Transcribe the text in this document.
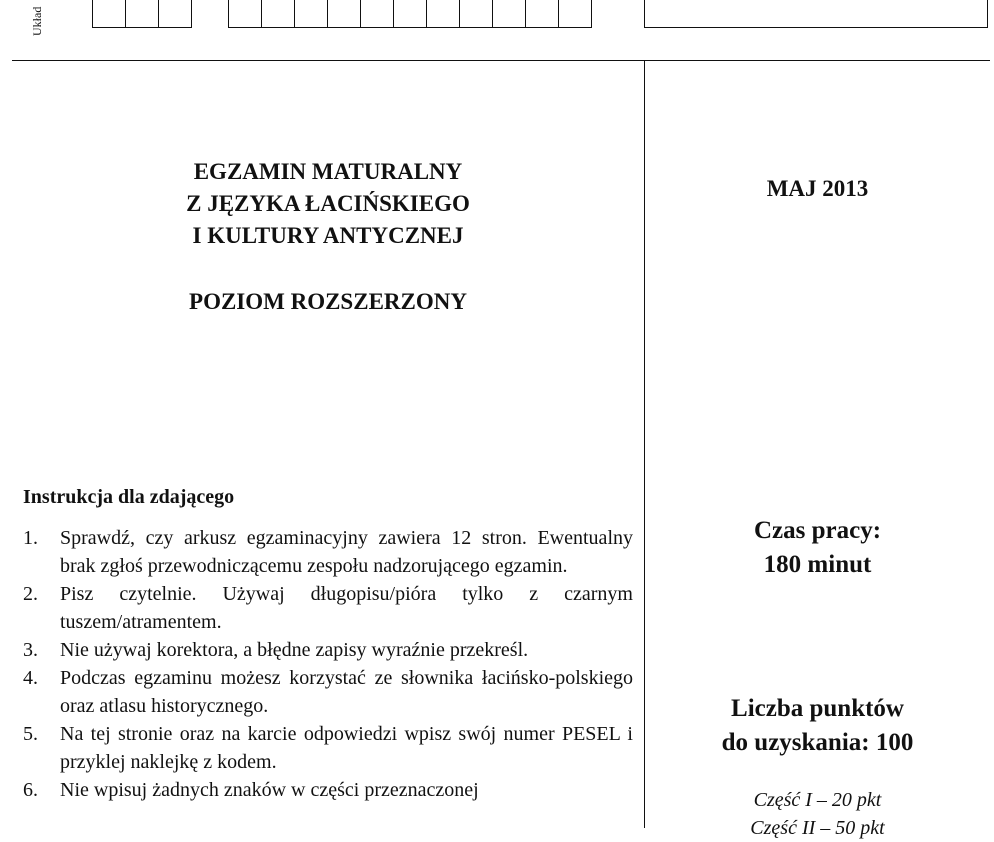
Układ
EGZAMIN MATURALNY
Z JĘZYKA ŁACIŃSKIEGO
I KULTURY ANTYCZNEJ
POZIOM ROZSZERZONY
MAJ 2013
Instrukcja dla zdającego
1. Sprawdź, czy arkusz egzaminacyjny zawiera 12 stron. Ewentualny brak zgłoś przewodniczącemu zespołu nadzorującego egzamin.
2. Pisz czytelnie. Używaj długopisu/pióra tylko z czarnym tuszem/atramentem.
3. Nie używaj korektora, a błędne zapisy wyraźnie przekreśl.
4. Podczas egzaminu możesz korzystać ze słownika łacińsko-polskiego oraz atlasu historycznego.
5. Na tej stronie oraz na karcie odpowiedzi wpisz swój numer PESEL i przyklej naklejkę z kodem.
6. Nie wpisuj żadnych znaków w części przeznaczonej
Czas pracy:
180 minut
Liczba punktów
do uzyskania: 100
Część I – 20 pkt
Część II – 50 pkt
